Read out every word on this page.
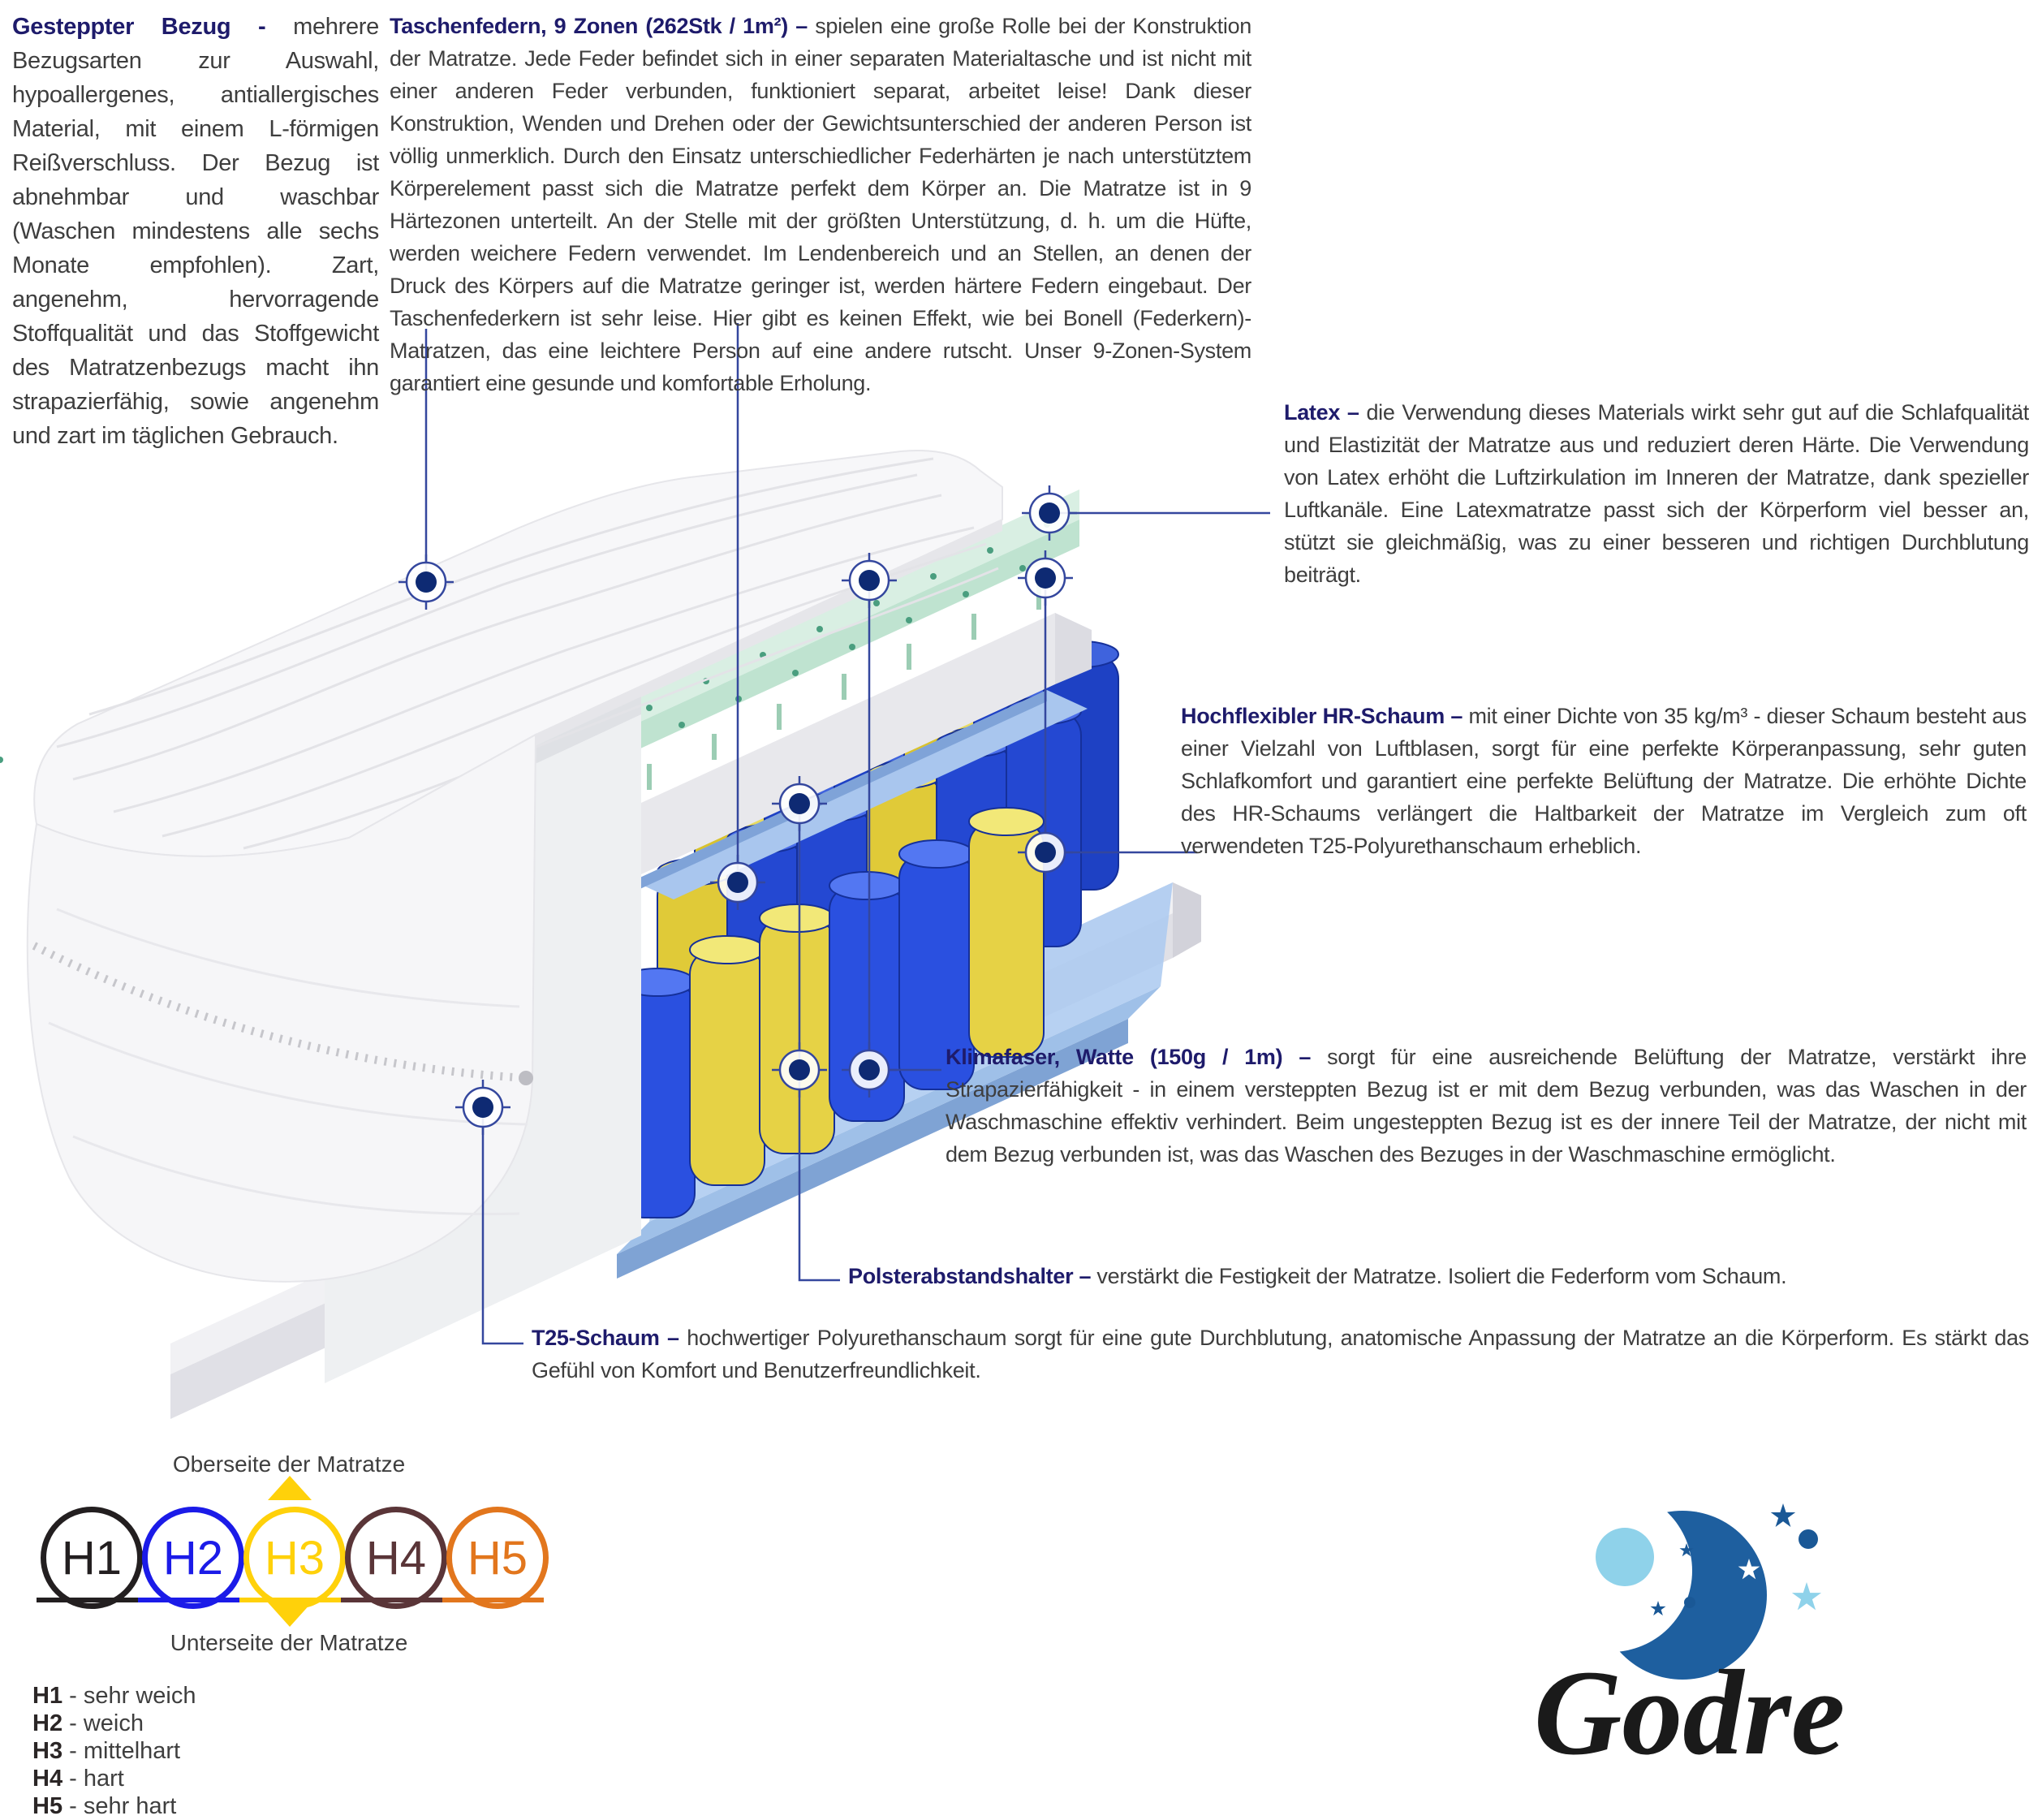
Gesteppter Bezug - mehrere Bezugsarten zur Auswahl, hypoallergenes, antiallergisches Material, mit einem L-förmigen Reißverschluss. Der Bezug ist abnehmbar und waschbar (Waschen mindestens alle sechs Monate empfohlen). Zart, angenehm, hervorragende Stoffqualität und das Stoffgewicht des Matratzenbezugs macht ihn strapazierfähig, sowie angenehm und zart im täglichen Gebrauch.
Taschenfedern, 9 Zonen (262Stk / 1m²) – spielen eine große Rolle bei der Konstruktion der Matratze. Jede Feder befindet sich in einer separaten Materialtasche und ist nicht mit einer anderen Feder verbunden, funktioniert separat, arbeitet leise! Dank dieser Konstruktion, Wenden und Drehen oder der Gewichtsunterschied der anderen Person ist völlig unmerklich. Durch den Einsatz unterschiedlicher Federhärten je nach unterstütztem Körperelement passt sich die Matratze perfekt dem Körper an. Die Matratze ist in 9 Härtezonen unterteilt. An der Stelle mit der größten Unterstützung, d. h. um die Hüfte, werden weichere Federn verwendet. Im Lendenbereich und an Stellen, an denen der Druck des Körpers auf die Matratze geringer ist, werden härtere Federn eingebaut. Der Taschenfederkern ist sehr leise. Hier gibt es keinen Effekt, wie bei Bonell (Federkern)- Matratzen, das eine leichtere Person auf eine andere rutscht. Unser 9-Zonen-System garantiert eine gesunde und komfortable Erholung.
Latex – die Verwendung dieses Materials wirkt sehr gut auf die Schlafqualität und Elastizität der Matratze aus und reduziert deren Härte. Die Verwendung von Latex erhöht die Luftzirkulation im Inneren der Matratze, dank spezieller Luftkanäle. Eine Latexmatratze passt sich der Körperform viel besser an, stützt sie gleichmäßig, was zu einer besseren und richtigen Durchblutung beiträgt.
Hochflexibler HR-Schaum – mit einer Dichte von 35 kg/m³ - dieser Schaum besteht aus einer Vielzahl von Luftblasen, sorgt für eine perfekte Körperanpassung, sehr guten Schlafkomfort und garantiert eine perfekte Belüftung der Matratze. Die erhöhte Dichte des HR-Schaums verlängert die Haltbarkeit der Matratze im Vergleich zum oft verwendeten T25-Polyurethanschaum erheblich.
Klimafaser, Watte (150g / 1m) – sorgt für eine ausreichende Belüftung der Matratze, verstärkt ihre Strapazierfähigkeit - in einem versteppten Bezug ist er mit dem Bezug verbunden, was das Waschen in der Waschmaschine effektiv verhindert. Beim ungesteppten Bezug ist es der innere Teil der Matratze, der nicht mit dem Bezug verbunden ist, was das Waschen des Bezuges in der Waschmaschine ermöglicht.
Polsterabstandshalter – verstärkt die Festigkeit der Matratze. Isoliert die Federform vom Schaum.
T25-Schaum – hochwertiger Polyurethanschaum sorgt für eine gute Durchblutung, anatomische Anpassung der Matratze an die Körperform. Es stärkt das Gefühl von Komfort und Benutzerfreundlichkeit.
Oberseite der Matratze
H1 H2 H3 H4 H5
Unterseite der Matratze
H1 - sehr weich
H2 - weich
H3 - mittelhart
H4 - hart
H5 - sehr hart
Godre
